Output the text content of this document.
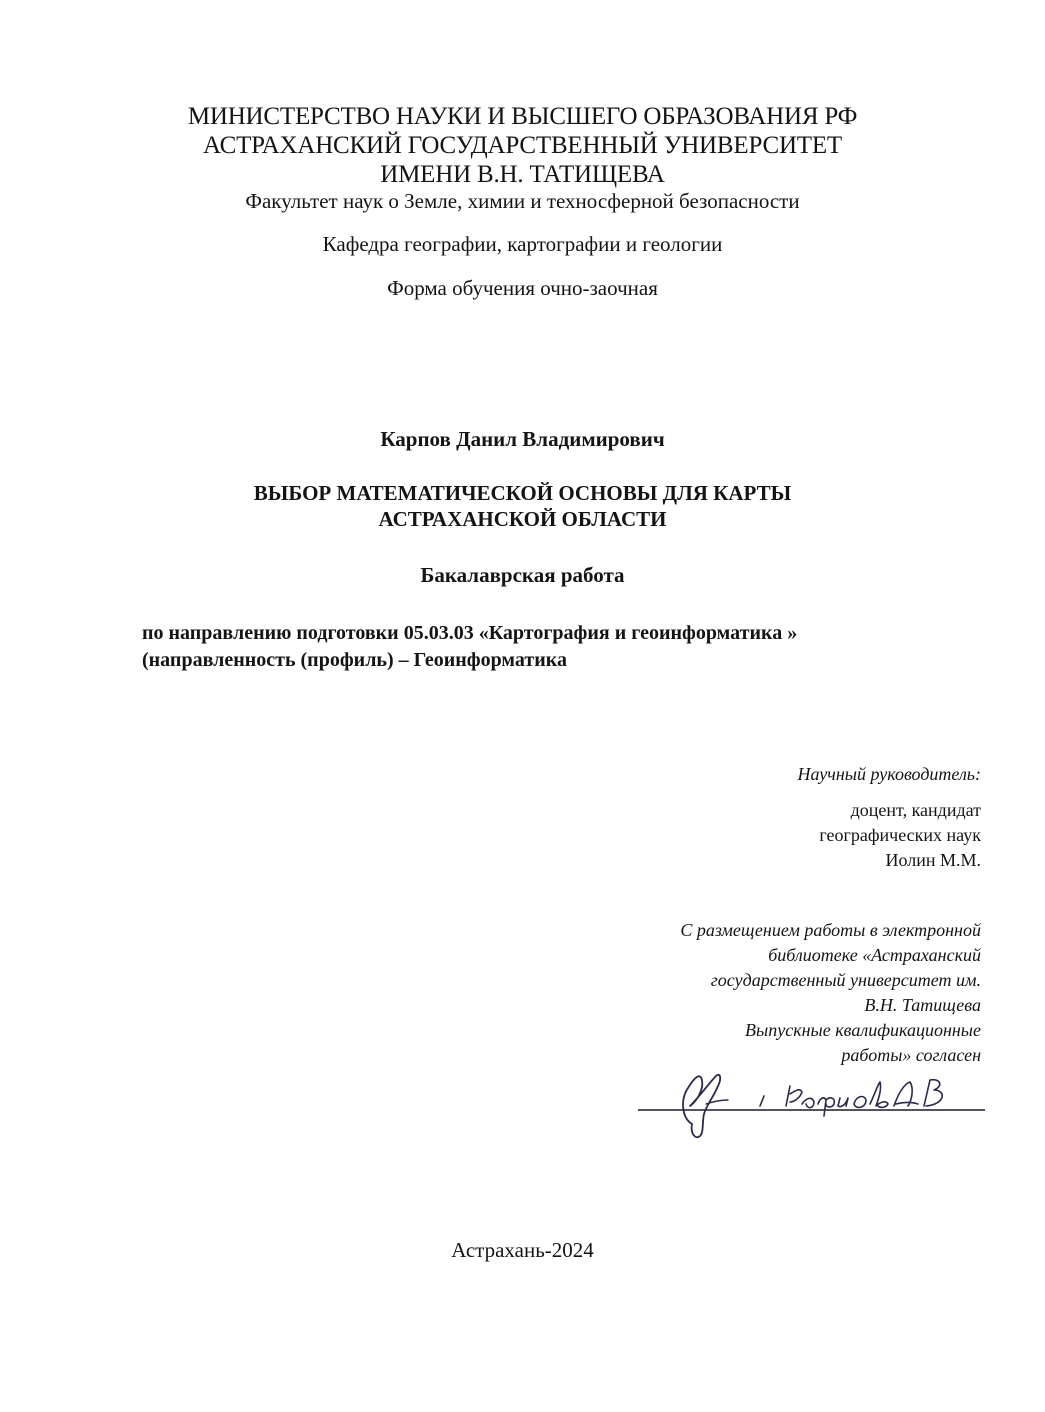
МИНИСТЕРСТВО НАУКИ И ВЫСШЕГО ОБРАЗОВАНИЯ РФ
АСТРАХАНСКИЙ ГОСУДАРСТВЕННЫЙ УНИВЕРСИТЕТ
ИМЕНИ В.Н. ТАТИЩЕВА
Факультет наук о Земле, химии и техносферной безопасности
Кафедра географии, картографии и геологии
Форма обучения очно-заочная
Карпов Данил Владимирович
ВЫБОР МАТЕМАТИЧЕСКОЙ ОСНОВЫ ДЛЯ КАРТЫ
АСТРАХАНСКОЙ ОБЛАСТИ
Бакалаврская работа
по направлению подготовки 05.03.03 «Картография и геоинформатика »
(направленность (профиль) – Геоинформатика
Научный руководитель:
доцент, кандидат
географических наук
Иолин М.М.
С размещением работы в электронной
библиотеке «Астраханский
государственный университет им.
В.Н. Татищева
Выпускные квалификационные
работы» согласен
Астрахань-2024
